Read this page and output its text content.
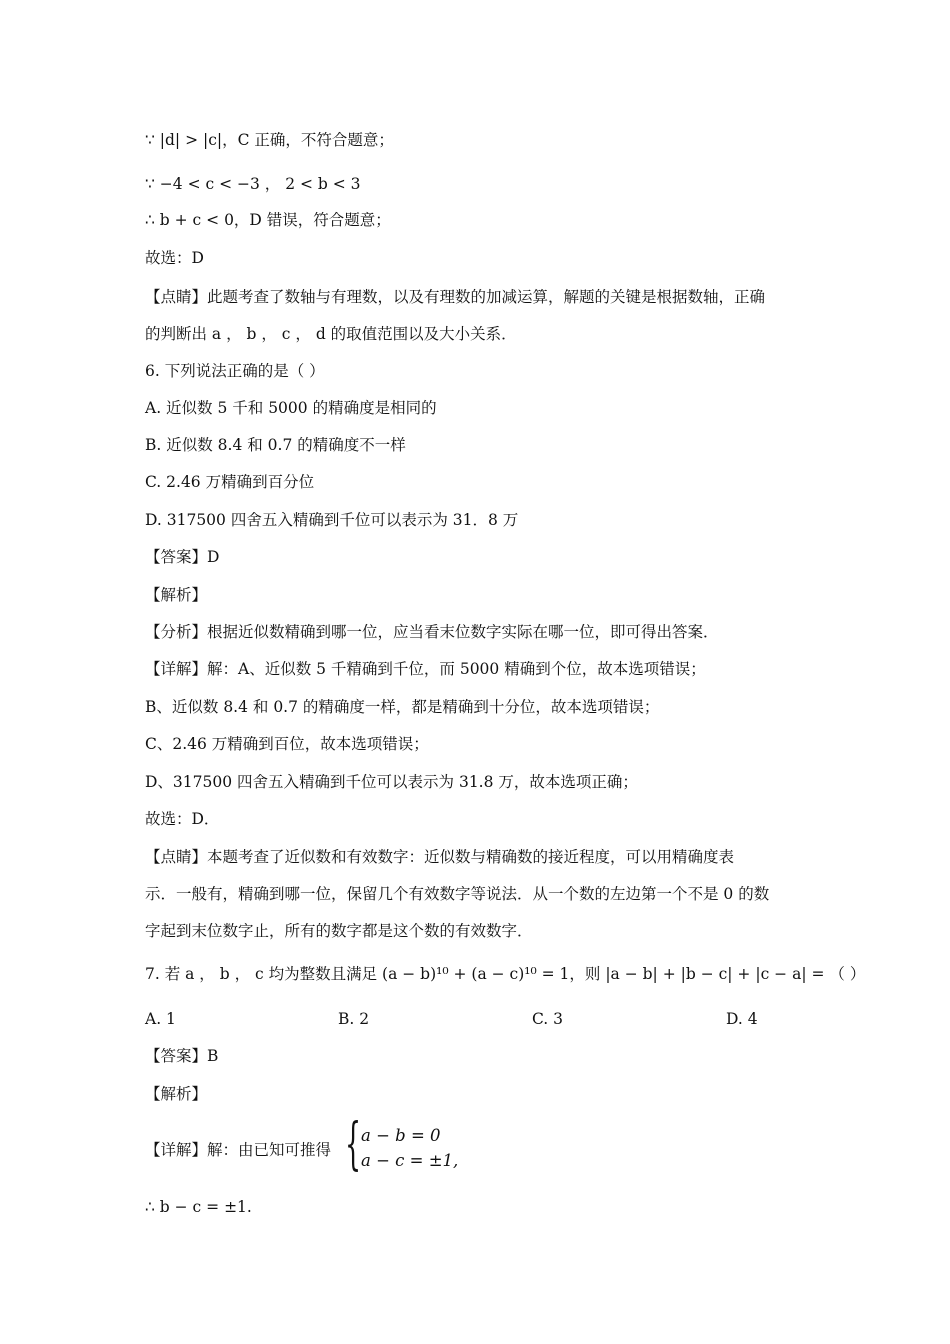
∵ |d| > |c|，C 正确，不符合题意；
∵ −4 < c < −3 ， 2 < b < 3
∴ b + c < 0，D 错误，符合题意；
故选：D
【点睛】此题考查了数轴与有理数，以及有理数的加减运算，解题的关键是根据数轴，正确
的判断出 a ， b ， c ， d 的取值范围以及大小关系．
6. 下列说法正确的是（ ）
A. 近似数 5 千和 5000 的精确度是相同的
B. 近似数 8.4 和 0.7 的精确度不一样
C. 2.46 万精确到百分位
D. 317500 四舍五入精确到千位可以表示为 31．8 万
【答案】D
【解析】
【分析】根据近似数精确到哪一位，应当看末位数字实际在哪一位，即可得出答案．
【详解】解：A、近似数 5 千精确到千位，而 5000 精确到个位，故本选项错误；
B、近似数 8.4 和 0.7 的精确度一样，都是精确到十分位，故本选项错误；
C、2.46 万精确到百位，故本选项错误；
D、317500 四舍五入精确到千位可以表示为 31.8 万，故本选项正确；
故选：D．
【点睛】本题考查了近似数和有效数字：近似数与精确数的接近程度，可以用精确度表
示．一般有，精确到哪一位，保留几个有效数字等说法．从一个数的左边第一个不是 0 的数
字起到末位数字止，所有的数字都是这个数的有效数字．
7. 若 a ， b ， c 均为整数且满足 (a − b)¹⁰ + (a − c)¹⁰ = 1，则 |a − b| + |b − c| + |c − a| = （ ）
A. 1	B. 2	C. 3	D. 4
【答案】B
【解析】
【详解】解：由已知可推得 { a − b = 0
a − c = ±1,
∴ b − c = ±1.
